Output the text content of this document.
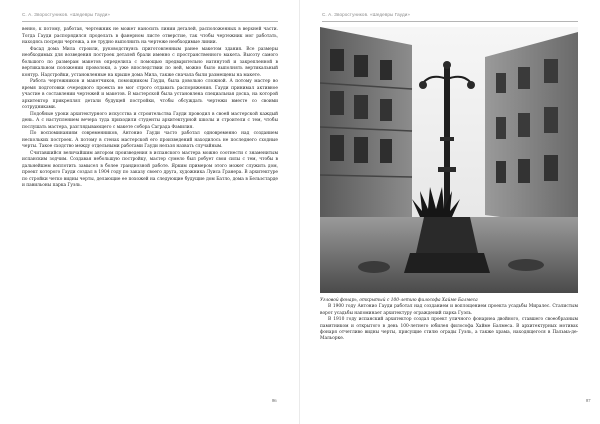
С. А. Зворостуников. «Шедевры Гауди»

венно, к потому, работая, чертежник не может наносить линии деталей, расположенных в верхней части. Тогда Гауди распорядился проделать в фанерном листе отверстие, так чтобы чертежник мог работать, находясь посреди чертежа, а не трудно выполнить на чертеже необходимые линии.

Фасад дома Мила строили, руководствуясь приготовленным ранее макетом здания. Все размеры необходимых для возведения построек деталей брали именно с пространственного макета. Высоту самого большого по размерам макетов определила с помощью предварительно натянутой и закрепленной в вертикальном положении проволоки, а уже впоследствии по ней, можно было выполнять вертикальный контур. Надстройки, установленные на крыше дома Мила, также сначала были размещены на макете.

Работа чертежников и макетчиков, помощником Гауди, была довольно сложной. А потому мастер во время подготовки очередного проекта не мог строго отдавать распоряжения. Гауди принимал активное участие в составлении чертежей и макетов. В мастерской была установлена специальная доска, на которой архитектор прикреплял детали будущей постройки, чтобы обсуждать чертежи вместе со своими сотрудниками.

Подобные уроки архитектурного искусства и строительства Гауди проводил в своей мастерской каждый день. А с наступлением вечера туда приходили студенты архитектурной школы и строители с тем, чтобы послушать мастера, разглядывающего с макете собора Саграда Фамилия.

По воспоминаниям современников, Антонио Гауди часто работал одновременно над созданием нескольких построек. А потому в стенах мастерской его произведений находилось не последнего сходные черты. Такое сходство между отдельными работами Гауди нельзя назвать случайным.

Считавшийся величайшим автором произведения в испанского мастера можно соотнести с знаменитым испанским зодчим. Создавая небольшую постройку, мастер сумело был робует свои силы с тем, чтобы в дальнейшем воплотить замысел в более грандиозной работе. Ярким примером этого может служить дом, проект которого Гауди создал в 1904 году по заказу своего друга, художника Луиса Гранера. В архитектуре по стройки четко видны черты, делающие ее похожей на следующие будущие дом Батло, дома в Бельэстарде и павильоны парка Гуэль.

86
С. А. Зворостуников. «Шедевры Гауди»

Угловой фонарь, открытый с 100-летию философа Хайме Балмеса

В 1900 году Антонио Гауди работал над созданием и воплощением проекта усадьбы Миралес. Сталистым ворот усадьбы напоминает архитектуру ограждений парка Гуэль.

В 1910 году испанский архитектор создал проект уличного фонарнеа двойного, ставшего своеобразным памятником и открытого в день 100-летнего юбилея философа Хайме Балмеса. В архитектурных мотивах фонаря отчетливо видны черты, присущие стилю ограды Гуэль, а также храма, находящегося в Пальма-де-Мальорке.

87
